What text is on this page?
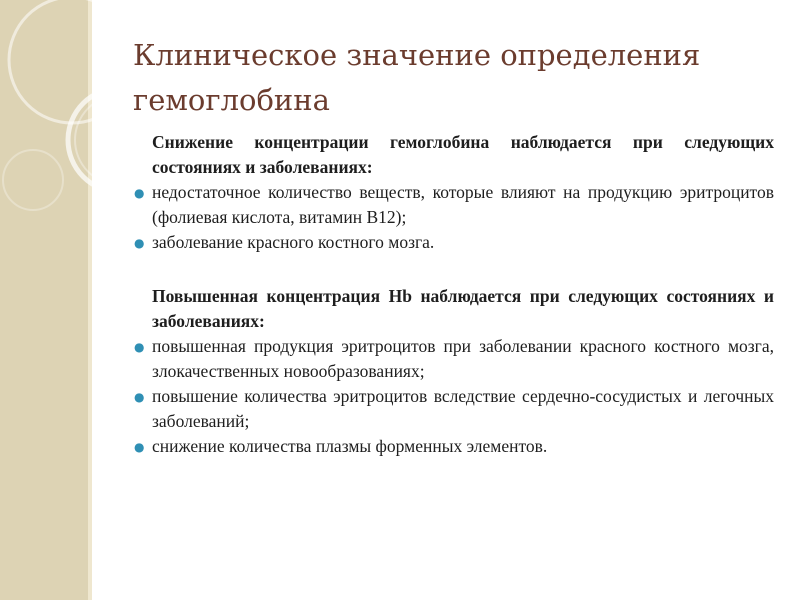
Клиническое значение определения гемоглобина

Снижение концентрации гемоглобина наблюдается при следующих состояниях и заболеваниях:

● недостаточное количество веществ, которые влияют на продукцию эритроцитов (фолиевая кислота, витамин В12);
● заболевание красного костного мозга.

Повышенная концентрация Hb наблюдается при следующих состояниях и заболеваниях:

● повышенная продукция эритроцитов при заболевании красного костного мозга, злокачественных новообразованиях;
● повышение количества эритроцитов вследствие сердечно-сосудистых и легочных заболеваний;
● снижение количества плазмы форменных элементов.
